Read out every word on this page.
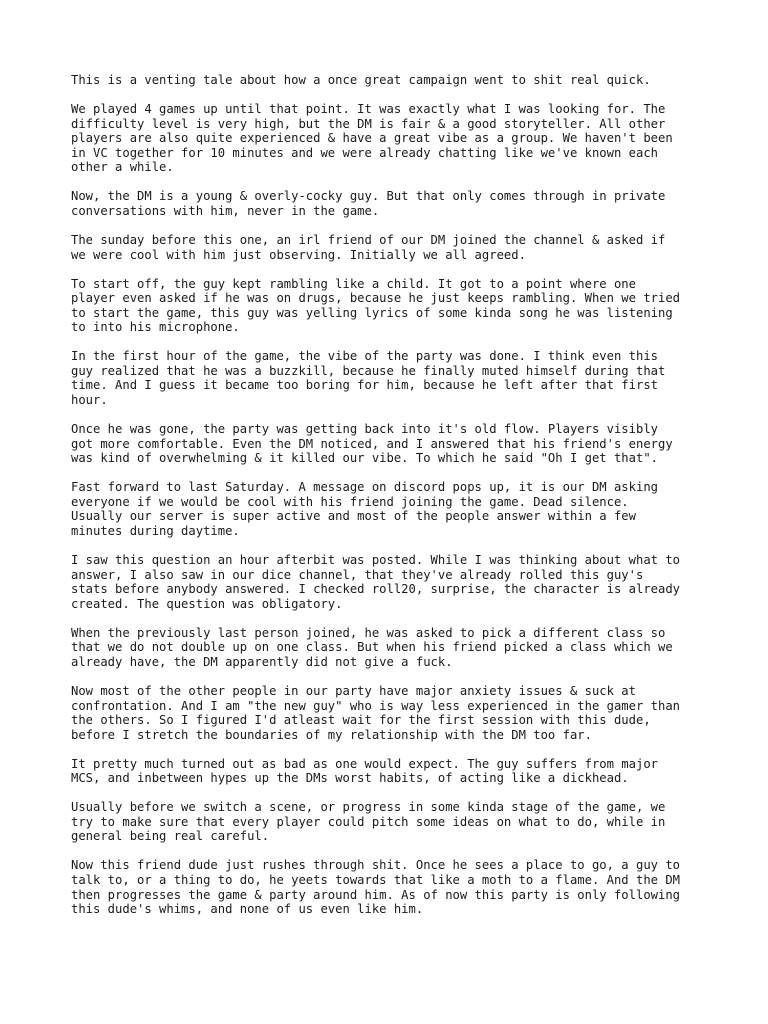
This is a venting tale about how a once great campaign went to shit real quick.

We played 4 games up until that point. It was exactly what I was looking for. The
difficulty level is very high, but the DM is fair & a good storyteller. All other
players are also quite experienced & have a great vibe as a group. We haven't been
in VC together for 10 minutes and we were already chatting like we've known each
other a while.

Now, the DM is a young & overly-cocky guy. But that only comes through in private
conversations with him, never in the game.

The sunday before this one, an irl friend of our DM joined the channel & asked if
we were cool with him just observing. Initially we all agreed.

To start off, the guy kept rambling like a child. It got to a point where one
player even asked if he was on drugs, because he just keeps rambling. When we tried
to start the game, this guy was yelling lyrics of some kinda song he was listening
to into his microphone.

In the first hour of the game, the vibe of the party was done. I think even this
guy realized that he was a buzzkill, because he finally muted himself during that
time. And I guess it became too boring for him, because he left after that first
hour.

Once he was gone, the party was getting back into it's old flow. Players visibly
got more comfortable. Even the DM noticed, and I answered that his friend's energy
was kind of overwhelming & it killed our vibe. To which he said "Oh I get that".

Fast forward to last Saturday. A message on discord pops up, it is our DM asking
everyone if we would be cool with his friend joining the game. Dead silence.
Usually our server is super active and most of the people answer within a few
minutes during daytime.

I saw this question an hour afterbit was posted. While I was thinking about what to
answer, I also saw in our dice channel, that they've already rolled this guy's
stats before anybody answered. I checked roll20, surprise, the character is already
created. The question was obligatory.

When the previously last person joined, he was asked to pick a different class so
that we do not double up on one class. But when his friend picked a class which we
already have, the DM apparently did not give a fuck.

Now most of the other people in our party have major anxiety issues & suck at
confrontation. And I am "the new guy" who is way less experienced in the gamer than
the others. So I figured I'd atleast wait for the first session with this dude,
before I stretch the boundaries of my relationship with the DM too far.

It pretty much turned out as bad as one would expect. The guy suffers from major
MCS, and inbetween hypes up the DMs worst habits, of acting like a dickhead.

Usually before we switch a scene, or progress in some kinda stage of the game, we
try to make sure that every player could pitch some ideas on what to do, while in
general being real careful.

Now this friend dude just rushes through shit. Once he sees a place to go, a guy to
talk to, or a thing to do, he yeets towards that like a moth to a flame. And the DM
then progresses the game & party around him. As of now this party is only following
this dude's whims, and none of us even like him.
